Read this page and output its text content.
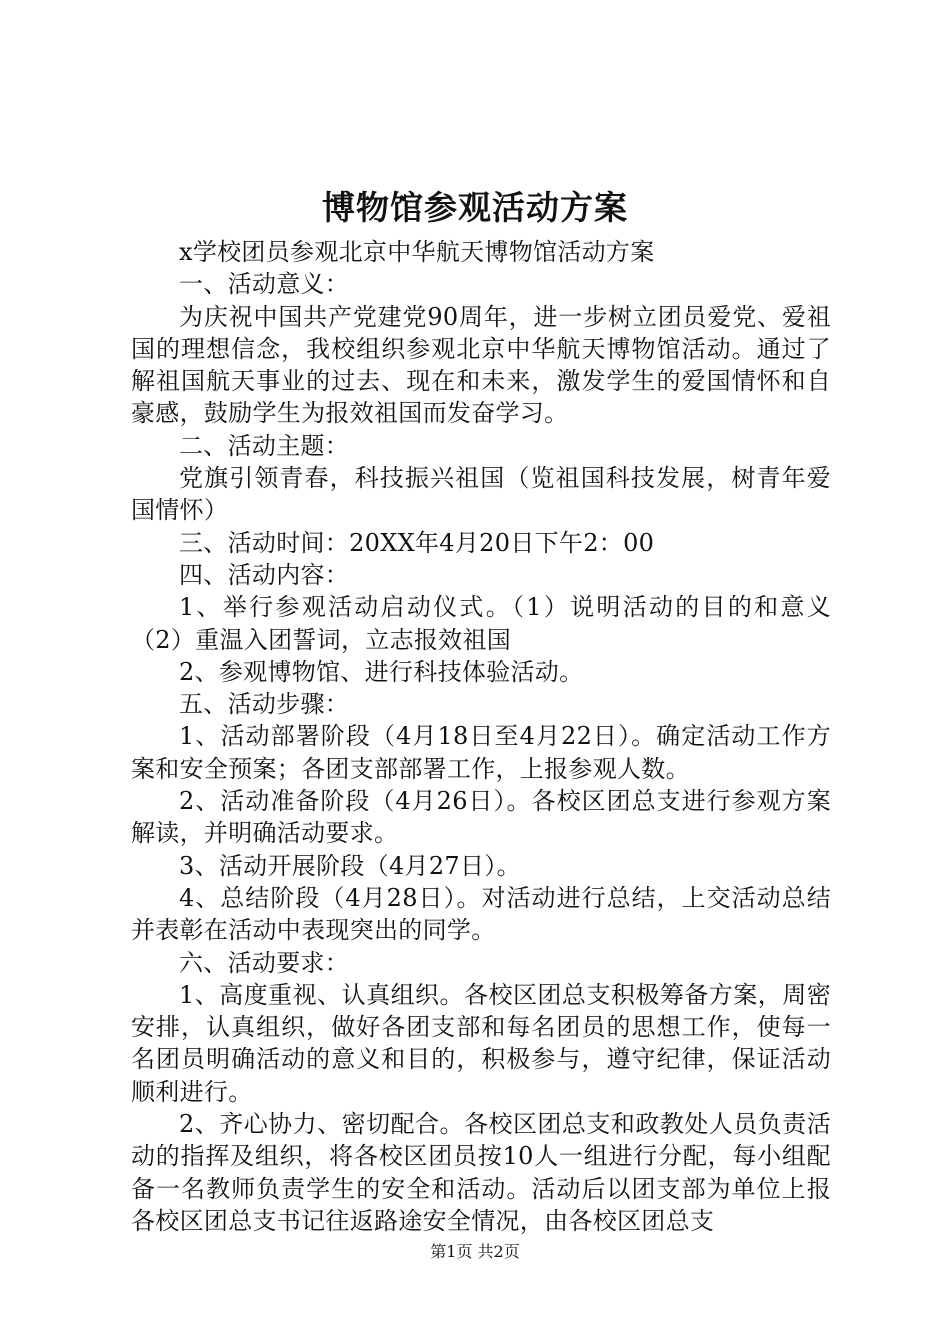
博物馆参观活动方案

x学校团员参观北京中华航天博物馆活动方案

一、活动意义：

为庆祝中国共产党建党90周年，进一步树立团员爱党、爱祖国的理想信念，我校组织参观北京中华航天博物馆活动。通过了解祖国航天事业的过去、现在和未来，激发学生的爱国情怀和自豪感，鼓励学生为报效祖国而发奋学习。

二、活动主题：

党旗引领青春，科技振兴祖国（览祖国科技发展，树青年爱国情怀）

三、活动时间：20XX年4月20日下午2：00

四、活动内容：

1、举行参观活动启动仪式。（1）说明活动的目的和意义（2）重温入团誓词，立志报效祖国

2、参观博物馆、进行科技体验活动。

五、活动步骤：

1、活动部署阶段（4月18日至4月22日）。确定活动工作方案和安全预案；各团支部部署工作，上报参观人数。

2、活动准备阶段（4月26日）。各校区团总支进行参观方案解读，并明确活动要求。

3、活动开展阶段（4月27日）。

4、总结阶段（4月28日）。对活动进行总结，上交活动总结并表彰在活动中表现突出的同学。

六、活动要求：

1、高度重视、认真组织。各校区团总支积极筹备方案，周密安排，认真组织，做好各团支部和每名团员的思想工作，使每一名团员明确活动的意义和目的，积极参与，遵守纪律，保证活动顺利进行。

2、齐心协力、密切配合。各校区团总支和政教处人员负责活动的指挥及组织，将各校区团员按10人一组进行分配，每小组配备一名教师负责学生的安全和活动。活动后以团支部为单位上报各校区团总支书记往返路途安全情况，由各校区团总支

第1页 共2页
